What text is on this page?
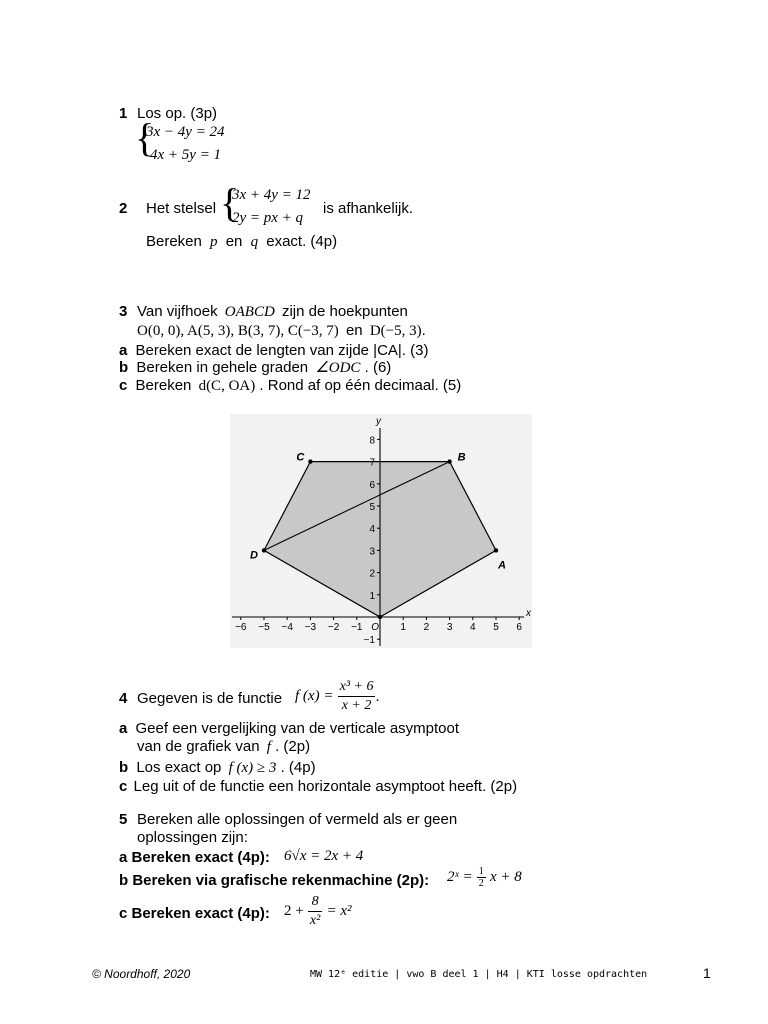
1 Los op. (3p)
{
3x − 4y = 24
4x + 5y = 1
2 Het stelsel {
3x + 4y = 12
2y = px + q
is afhankelijk.
Bereken p en q exact. (4p)
3 Van vijfhoek OABCD zijn de hoekpunten
O(0, 0), A(5, 3), B(3, 7), C(−3, 7) en D(−5, 3).
a Bereken exact de lengten van zijde |CA|. (3)
b Bereken in gehele graden ∠ODC . (6)
c Bereken d(C, OA) . Rond af op één decimaal. (5)
x
y
−6 −5 −4 −3 −2 −1 O 1 2 3 4 5 6
−1
1
2
3
4
5
6
7
8
A
B
C
D
4 Gegeven is de functie f $(x) = \frac{\text{x³ + 6}}{x + 2}$ .
a Geef een vergelijking van de verticale asymptoot
van de grafiek van f . (2p)
b Los exact op f (x) ≥ 3 . (4p)
c Leg uit of de functie een horizontale asymptoot heeft. (2p)
5 Bereken alle oplossingen of vermeld als er geen
oplossingen zijn:
a Bereken exact (4p): 6√x = 2x + 4
b Bereken via grafische rekenmachine (2p): 2ˣ = $\frac{1}{2}$ x + 8
c Bereken exact (4p): $2 + \frac{8}{\text{x²}} = x^2$
© Noordhoff, 2020	MW 12ᵉ editie | vwo B deel 1 | H4 | KTI losse opdrachten	1
